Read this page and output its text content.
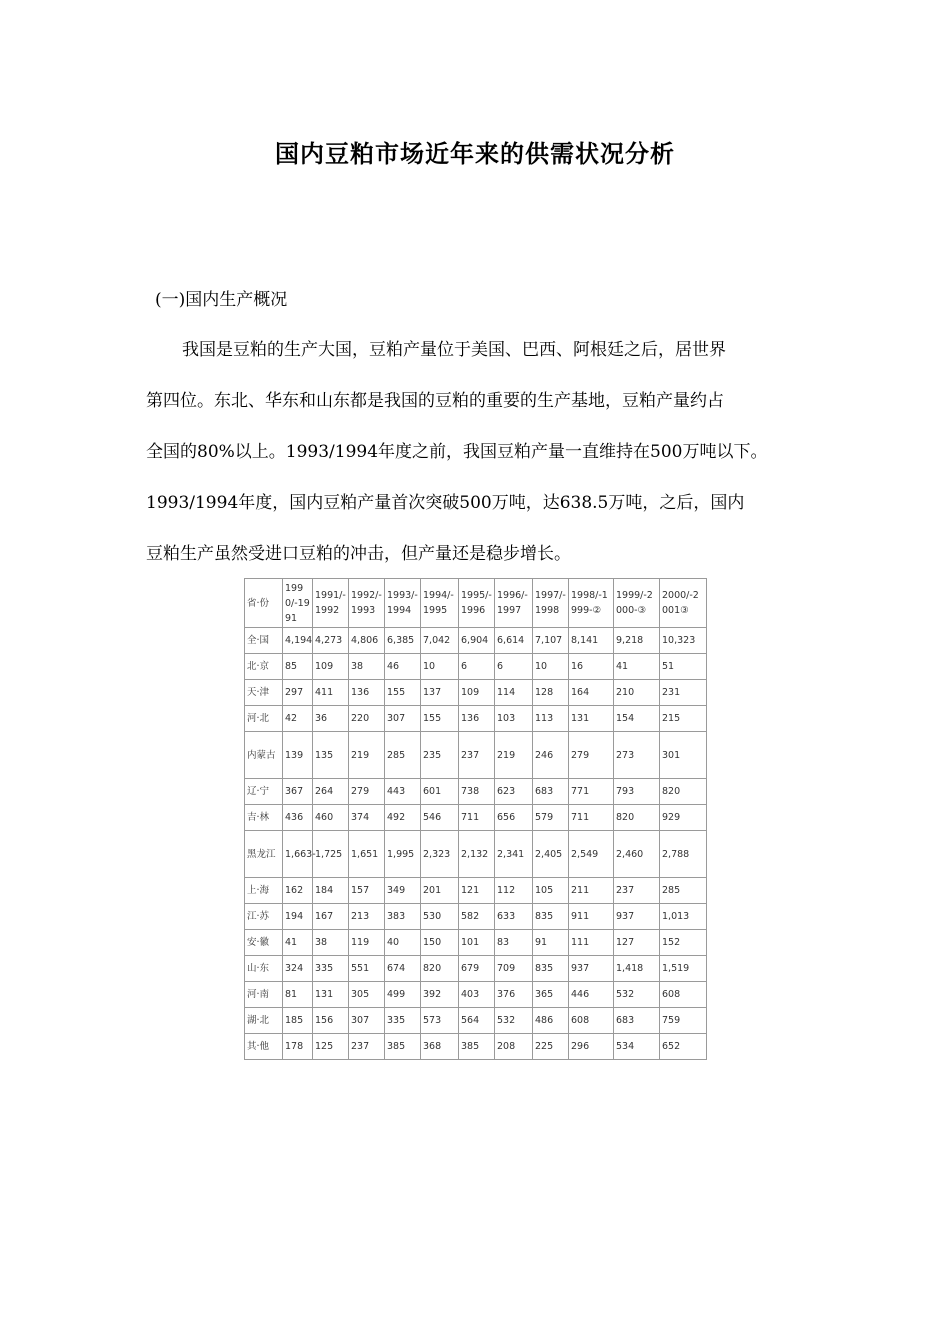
国内豆粕市场近年来的供需状况分析
(一)国内生产概况
我国是豆粕的生产大国，豆粕产量位于美国、巴西、阿根廷之后，居世界
第四位。东北、华东和山东都是我国的豆粕的重要的生产基地，豆粕产量约占
全国的80%以上。1993/1994年度之前，我国豆粕产量一直维持在500万吨以下。
1993/1994年度，国内豆粕产量首次突破500万吨，达638.5万吨，之后，国内
豆粕生产虽然受进口豆粕的冲击，但产量还是稳步增长。
省·份	1990/-1991	1991/-1992	1992/-1993	1993/-1994	1994/-1995	1995/-1996	1996/-1997	1997/-1998	1998/-1999-②	1999/-2000-③	2000/-2001③
全·国	4,194	4,273	4,806	6,385	7,042	6,904	6,614	7,107	8,141	9,218	10,323
北·京	85	109	38	46	10	6	6	10	16	41	51
天·津	297	411	136	155	137	109	114	128	164	210	231
河·北	42	36	220	307	155	136	103	113	131	154	215
内蒙古	139	135	219	285	235	237	219	246	279	273	301
辽·宁	367	264	279	443	601	738	623	683	771	793	820
吉·林	436	460	374	492	546	711	656	579	711	820	929
黑龙江	1,663-	1,725	1,651	1,995	2,323	2,132	2,341	2,405	2,549	2,460	2,788
上·海	162	184	157	349	201	121	112	105	211	237	285
江·苏	194	167	213	383	530	582	633	835	911	937	1,013
安·徽	41	38	119	40	150	101	83	91	111	127	152
山·东	324	335	551	674	820	679	709	835	937	1,418	1,519
河·南	81	131	305	499	392	403	376	365	446	532	608
湖·北	185	156	307	335	573	564	532	486	608	683	759
其·他	178	125	237	385	368	385	208	225	296	534	652
